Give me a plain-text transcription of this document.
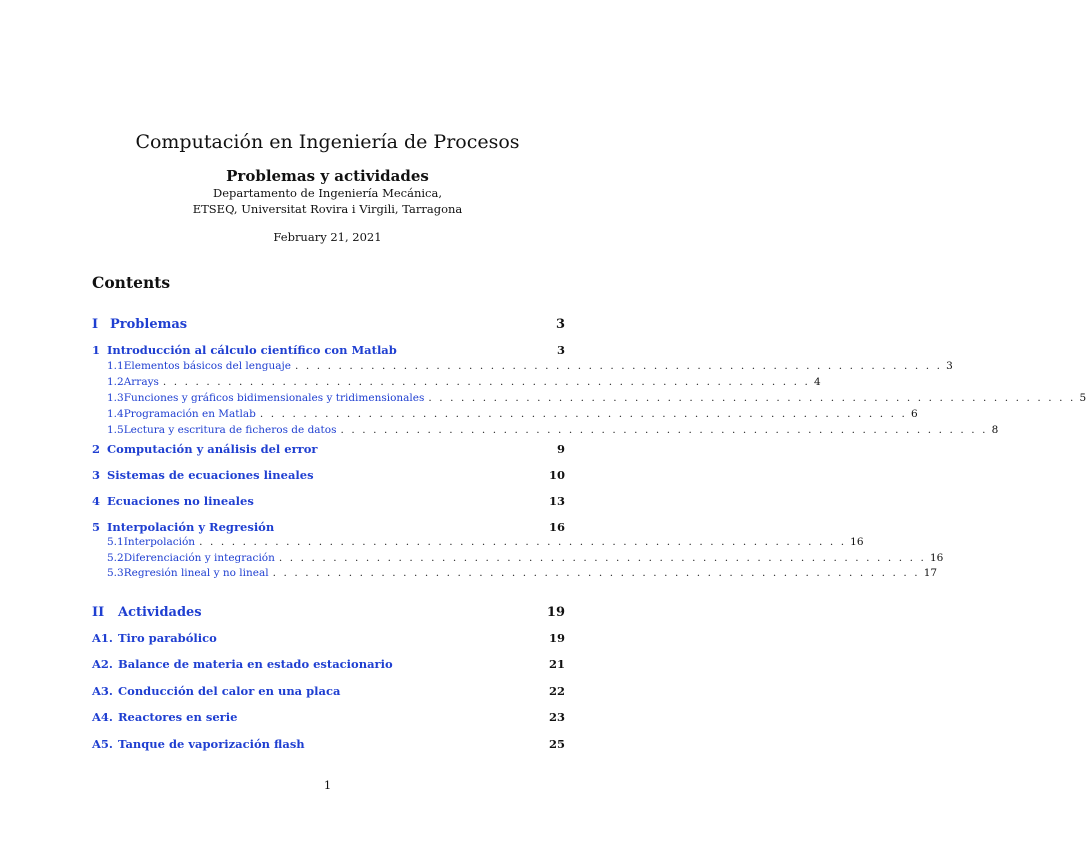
Computación en Ingeniería de Procesos
Problemas y actividades
Departamento de Ingeniería Mecánica,
ETSEQ, Universitat Rovira i Virgili, Tarragona
February 21, 2021
Contents
I Problemas	3
1 Introducción al cálculo científico con Matlab	3
1.1 Elementos básicos del lenguaje . . . . . . . . . . . . . . . . . . . . . . . . . . . . . . . . . . . . . . . . . . . . . . . . . . . . . . . . . . . . 3
1.2 Arrays . . . . . . . . . . . . . . . . . . . . . . . . . . . . . . . . . . . . . . . . . . . . . . . . . . . . . . . . . . . . 4
1.3 Funciones y gráficos bidimensionales y tridimensionales . . . . . . . . . . . . . . . . . . . . . . . . . . . . . . . . . . . . . . . . . . . . . . . . . . . . . . . . . . . . 5
1.4 Programación en Matlab . . . . . . . . . . . . . . . . . . . . . . . . . . . . . . . . . . . . . . . . . . . . . . . . . . . . . . . . . . . . 6
1.5 Lectura y escritura de ficheros de datos . . . . . . . . . . . . . . . . . . . . . . . . . . . . . . . . . . . . . . . . . . . . . . . . . . . . . . . . . . . . 8
2 Computación y análisis del error	9
3 Sistemas de ecuaciones lineales	10
4 Ecuaciones no lineales	13
5 Interpolación y Regresión	16
5.1 Interpolación . . . . . . . . . . . . . . . . . . . . . . . . . . . . . . . . . . . . . . . . . . . . . . . . . . . . . . . . . . . . 16
5.2 Diferenciación y integración . . . . . . . . . . . . . . . . . . . . . . . . . . . . . . . . . . . . . . . . . . . . . . . . . . . . . . . . . . . . 16
5.3 Regresión lineal y no lineal . . . . . . . . . . . . . . . . . . . . . . . . . . . . . . . . . . . . . . . . . . . . . . . . . . . . . . . . . . . . 17
II	Actividades	19
A1. Tiro parabólico	19
A2. Balance de materia en estado estacionario	21
A3. Conducción del calor en una placa	22
A4. Reactores en serie	23
A5. Tanque de vaporización flash	25
1
